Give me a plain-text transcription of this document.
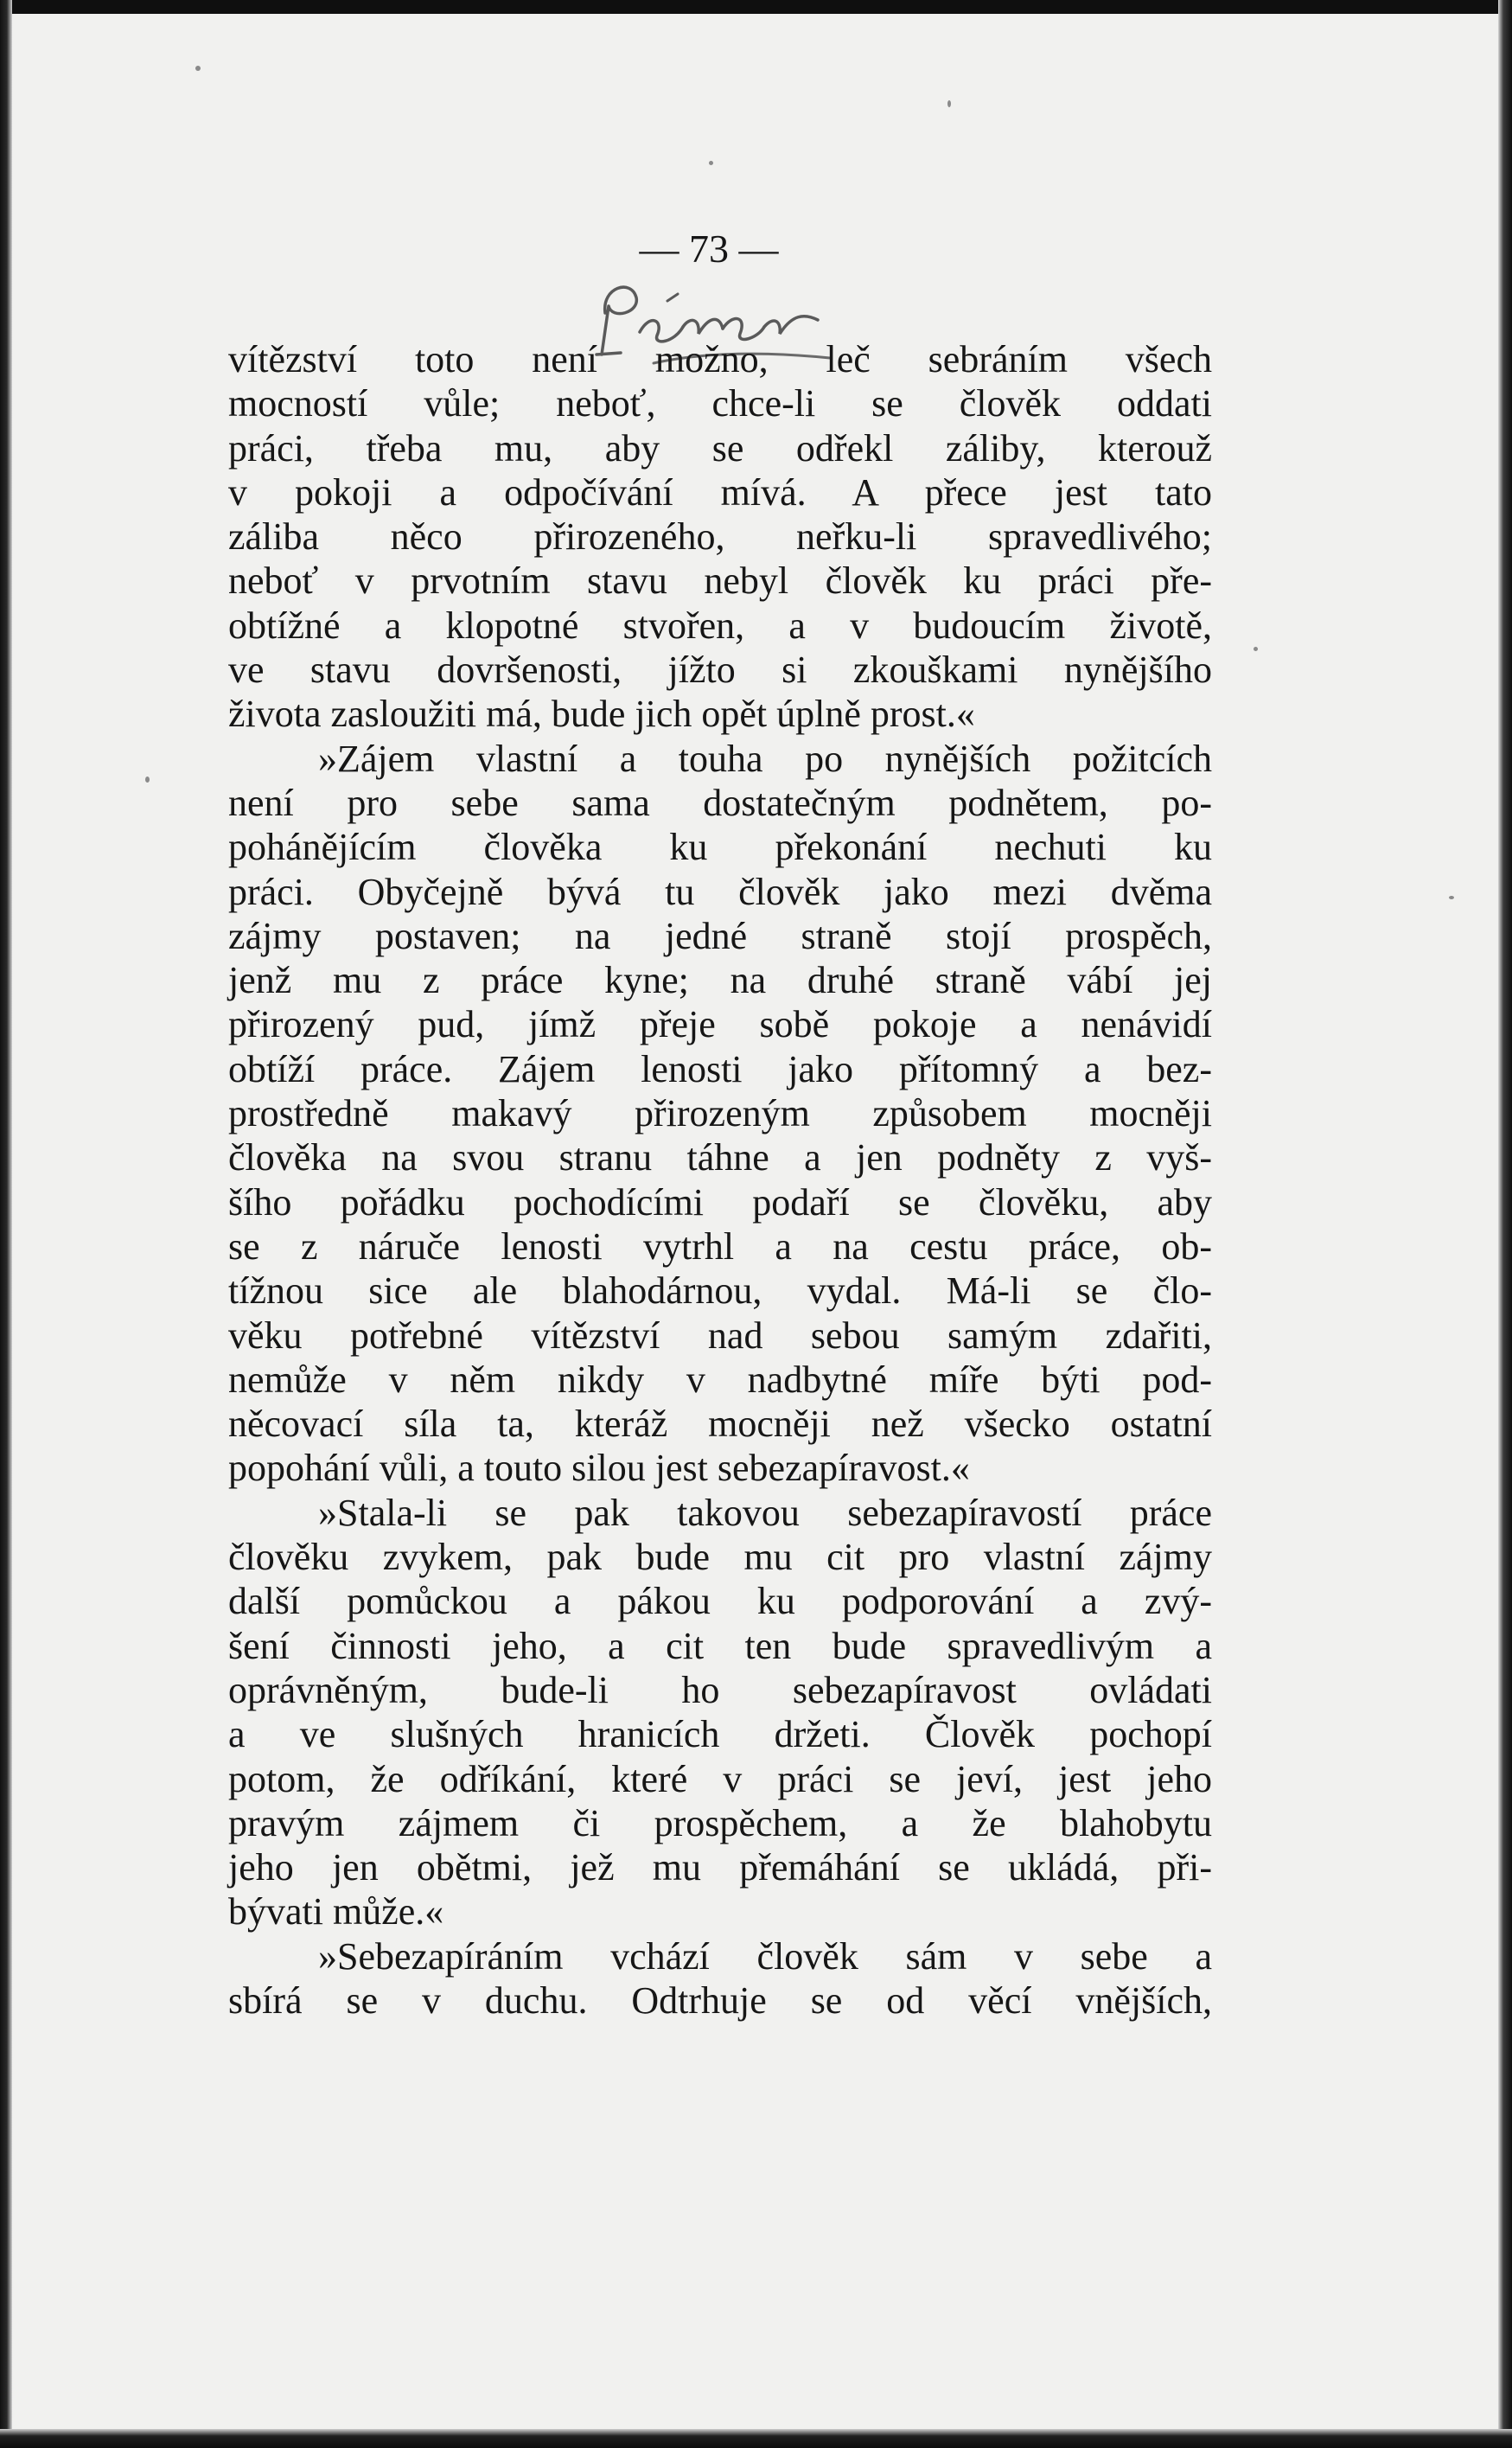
— 73 —
vítězství toto není možno, leč sebráním všech
mocností vůle; neboť, chce-li se člověk oddati
práci, třeba mu, aby se odřekl záliby, kterouž
v pokoji a odpočívání mívá. A přece jest tato
záliba něco přirozeného, neřku-li spravedlivého;
neboť v prvotním stavu nebyl člověk ku práci pře-
obtížné a klopotné stvořen, a v budoucím životě,
ve stavu dovršenosti, jížto si zkouškami nynějšího
života zasloužiti má, bude jich opět úplně prost.«
»Zájem vlastní a touha po nynějších požitcích
není pro sebe sama dostatečným podnětem, po-
pohánějícím člověka ku překonání nechuti ku
práci. Obyčejně bývá tu člověk jako mezi dvěma
zájmy postaven; na jedné straně stojí prospěch,
jenž mu z práce kyne; na druhé straně vábí jej
přirozený pud, jímž přeje sobě pokoje a nenávidí
obtíží práce. Zájem lenosti jako přítomný a bez-
prostředně makavý přirozeným způsobem mocněji
člověka na svou stranu táhne a jen podněty z vyš-
šího pořádku pochodícími podaří se člověku, aby
se z náruče lenosti vytrhl a na cestu práce, ob-
tížnou sice ale blahodárnou, vydal. Má-li se člo-
věku potřebné vítězství nad sebou samým zdařiti,
nemůže v něm nikdy v nadbytné míře býti pod-
něcovací síla ta, kteráž mocněji než všecko ostatní
popohání vůli, a touto silou jest sebezapíravost.«
»Stala-li se pak takovou sebezapíravostí práce
člověku zvykem, pak bude mu cit pro vlastní zájmy
další pomůckou a pákou ku podporování a zvý-
šení činnosti jeho, a cit ten bude spravedlivým a
oprávněným, bude-li ho sebezapíravost ovládati
a ve slušných hranicích držeti. Člověk pochopí
potom, že odříkání, které v práci se jeví, jest jeho
pravým zájmem či prospěchem, a že blahobytu
jeho jen obětmi, jež mu přemáhání se ukládá, při-
bývati může.«
»Sebezapíráním vchází člověk sám v sebe a
sbírá se v duchu. Odtrhuje se od věcí vnějších,
